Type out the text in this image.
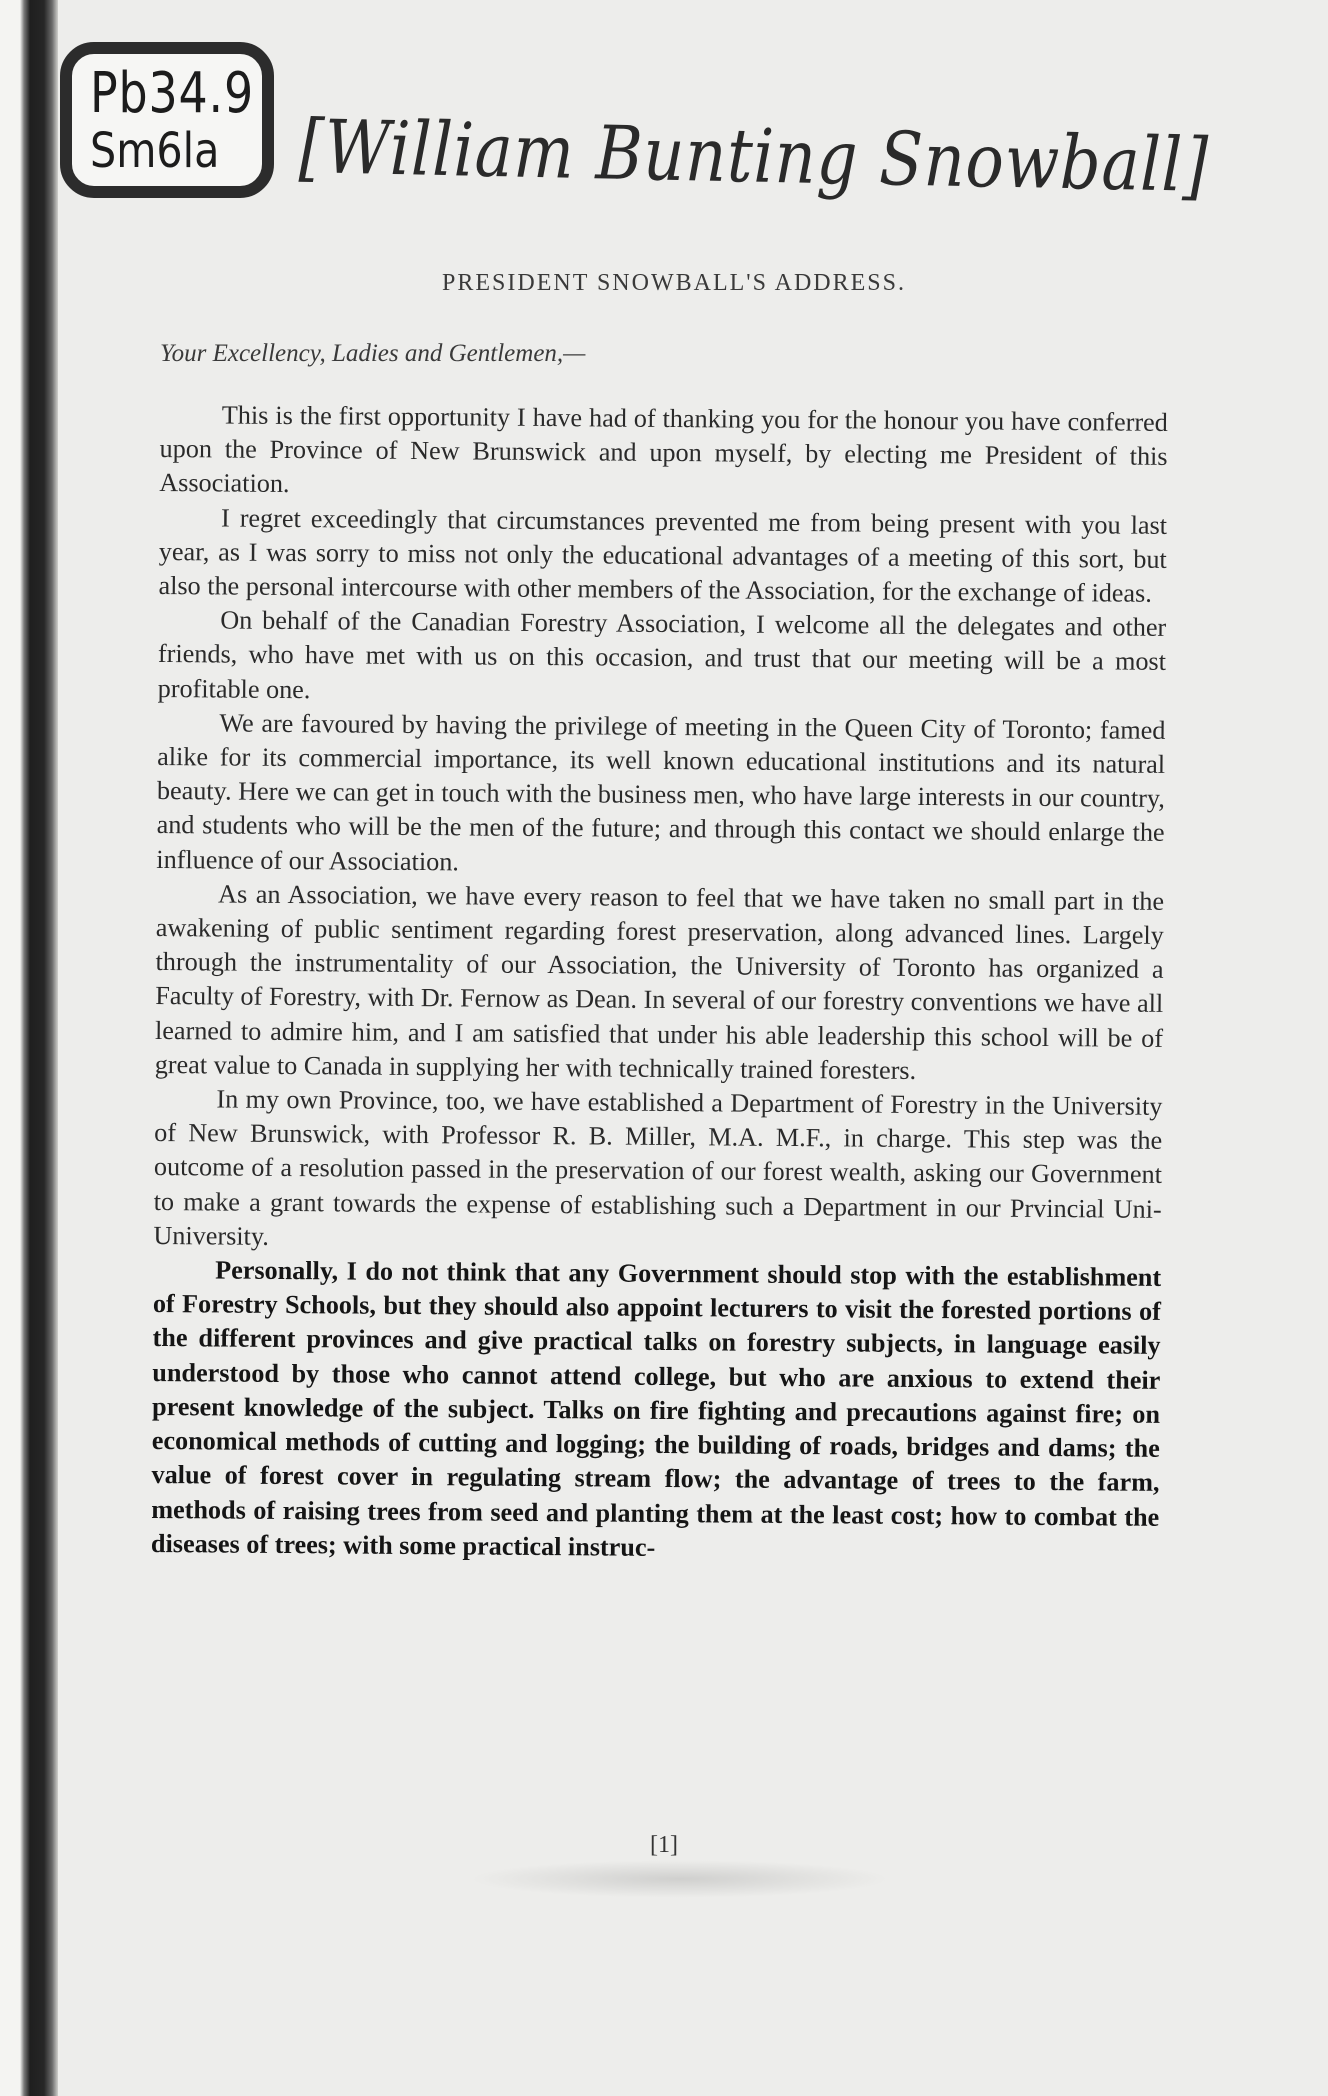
Pb34.9
Sm6la [William Bunting Snowball]
PRESIDENT SNOWBALL'S ADDRESS.
Your Excellency, Ladies and Gentlemen,—

This is the first opportunity I have had of thanking you for the honour you have conferred upon the Province of New Brunswick and upon myself, by electing me President of this Association.

I regret exceedingly that circumstances prevented me from being present with you last year, as I was sorry to miss not only the educational advantages of a meeting of this sort, but also the personal intercourse with other members of the Association, for the exchange of ideas.

On behalf of the Canadian Forestry Association, I welcome all the delegates and other friends, who have met with us on this occasion, and trust that our meeting will be a most profitable one.

We are favoured by having the privilege of meeting in the Queen City of Toronto; famed alike for its commercial importance, its well known educational institutions and its natural beauty. Here we can get in touch with the business men, who have large interests in our country, and students who will be the men of the future; and through this contact we should enlarge the influence of our Association.

As an Association, we have every reason to feel that we have taken no small part in the awakening of public sentiment regarding forest preservation, along advanced lines. Largely through the instrumentality of our Association, the University of Toronto has organized a Faculty of Forestry, with Dr. Fernow as Dean. In several of our forestry conventions we have all learned to admire him, and I am satisfied that under his able leadership this school will be of great value to Canada in supplying her with technically trained foresters.

In my own Province, too, we have established a Department of Forestry in the University of New Brunswick, with Professor R. B. Miller, M.A. M.F., in charge. This step was the outcome of a resolution passed in the preservation of our forest wealth, asking our Government to make a grant towards the expense of establishing such a Department in our Prvincial Uni-University.

Personally, I do not think that any Government should stop with the establishment of Forestry Schools, but they should also appoint lecturers to visit the forested portions of the different provinces and give practical talks on forestry subjects, in language easily understood by those who cannot attend college, but who are anxious to extend their present knowledge of the subject. Talks on fire fighting and precautions against fire; on economical methods of cutting and logging; the building of roads, bridges and dams; the value of forest cover in regulating stream flow; the advantage of trees to the farm, methods of raising trees from seed and planting them at the least cost; how to combat the diseases of trees; with some practical instruc-

[1]
